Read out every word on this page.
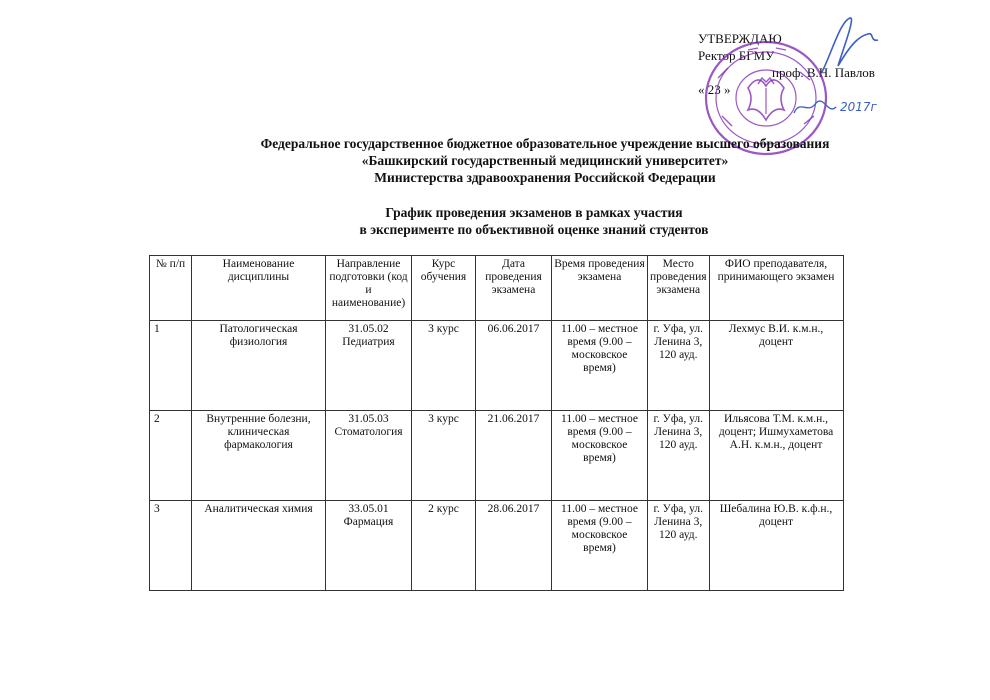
УТВЕРЖДАЮ
Ректор БГМУ
проф. В.Н. Павлов
« 23 »
2017г
Федеральное государственное бюджетное образовательное учреждение высшего образования
«Башкирский государственный медицинский университет»
Министерства здравоохранения Российской Федерации
График проведения экзаменов в рамках участия
в эксперименте по объективной оценке знаний студентов
№ п/п	Наименование дисциплины	Направление подготовки (код и наименование)	Курс обучения	Дата проведения экзамена	Время проведения экзамена	Место проведения экзамена	ФИО преподавателя, принимающего экзамен
1	Патологическая физиология	31.05.02 Педиатрия	3 курс	06.06.2017	11.00 – местное время (9.00 – московское время)	г. Уфа, ул. Ленина 3, 120 ауд.	Лехмус В.И. к.м.н., доцент
2	Внутренние болезни, клиническая фармакология	31.05.03 Стоматология	3 курс	21.06.2017	11.00 – местное время (9.00 – московское время)	г. Уфа, ул. Ленина 3, 120 ауд.	Ильясова Т.М. к.м.н., доцент; Ишмухаметова А.Н. к.м.н., доцент
3	Аналитическая химия	33.05.01 Фармация	2 курс	28.06.2017	11.00 – местное время (9.00 – московское время)	г. Уфа, ул. Ленина 3, 120 ауд.	Шебалина Ю.В. к.ф.н., доцент
